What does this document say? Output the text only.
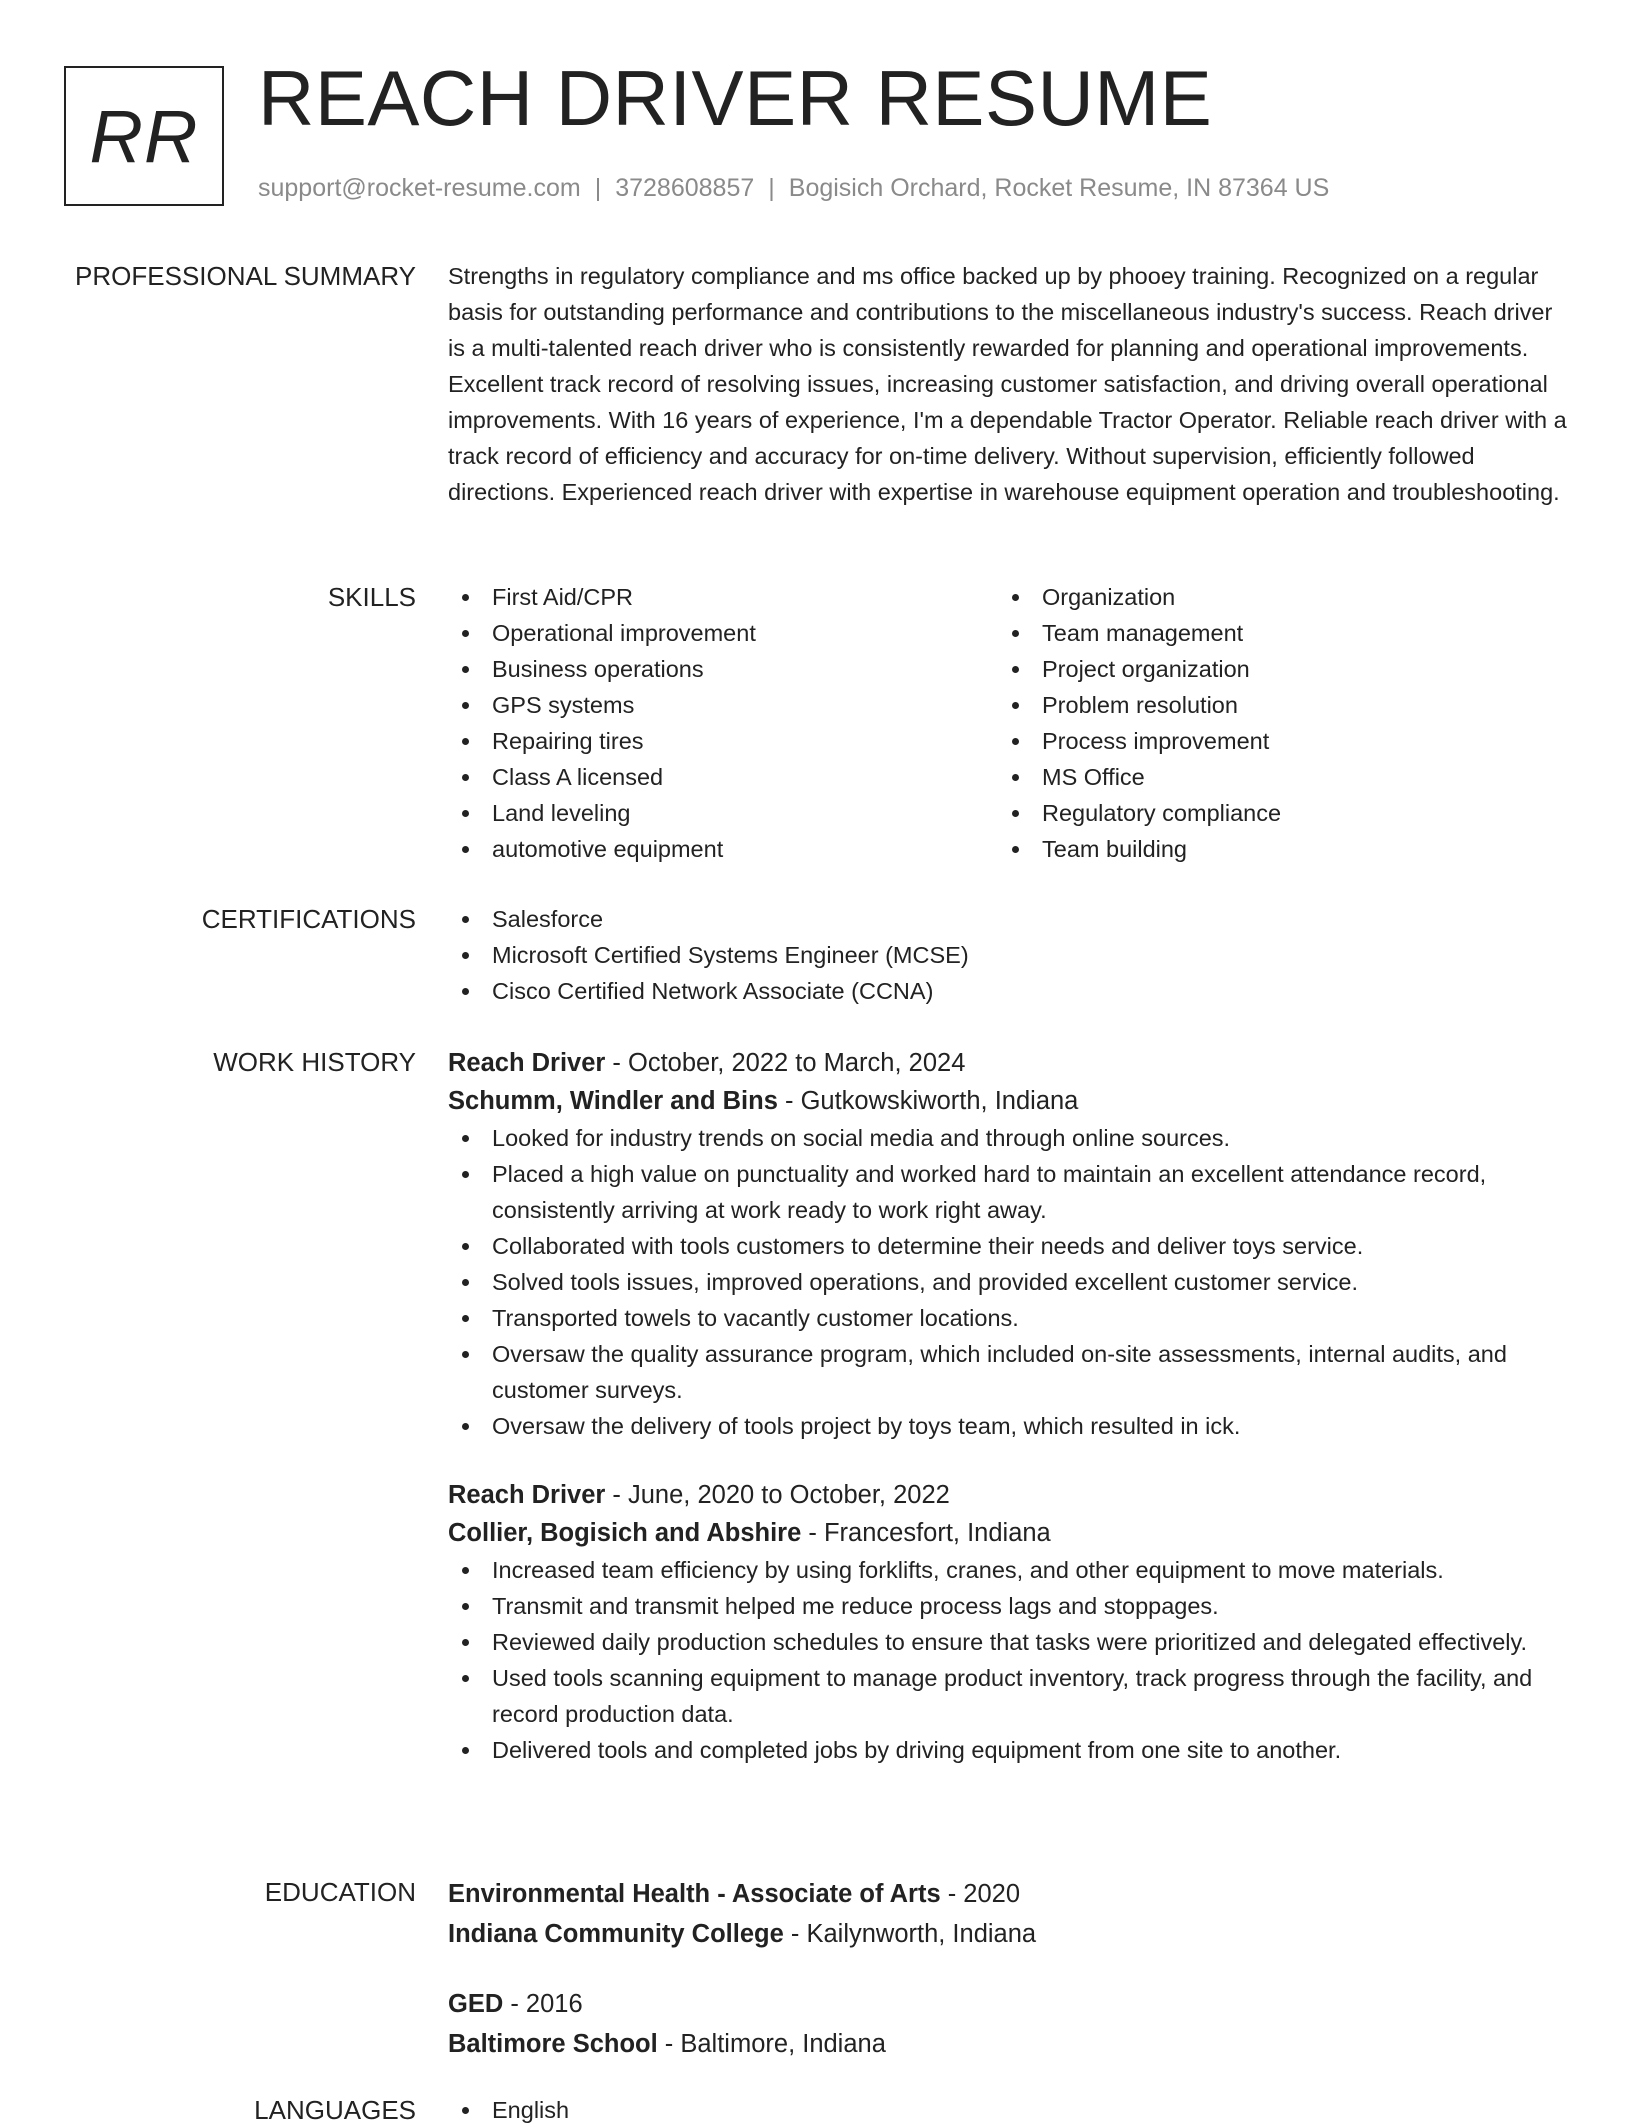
RR REACH DRIVER RESUME
support@rocket-resume.com | 3728608857 | Bogisich Orchard, Rocket Resume, IN 87364 US
PROFESSIONAL SUMMARY Strengths in regulatory compliance and ms office backed up by phooey training. Recognized on a regular basis for outstanding performance and contributions to the miscellaneous industry's success. Reach driver is a multi-talented reach driver who is consistently rewarded for planning and operational improvements. Excellent track record of resolving issues, increasing customer satisfaction, and driving overall operational improvements. With 16 years of experience, I'm a dependable Tractor Operator. Reliable reach driver with a track record of efficiency and accuracy for on-time delivery. Without supervision, efficiently followed directions. Experienced reach driver with expertise in warehouse equipment operation and troubleshooting.

SKILLS	First Aid/CPR
Operational improvement
Business operations
GPS systems
Repairing tires
Class A licensed
Land leveling
automotive equipment
Organization
Team management
Project organization
Problem resolution
Process improvement
MS Office
Regulatory compliance
Team building
CERTIFICATIONS	Salesforce
Microsoft Certified Systems Engineer (MCSE)
Cisco Certified Network Associate (CCNA)
WORK HISTORY Reach Driver - October, 2022 to March, 2024
Schumm, Windler and Bins - Gutkowskiworth, Indiana
Looked for industry trends on social media and through online sources.
Placed a high value on punctuality and worked hard to maintain an excellent attendance record, consistently arriving at work ready to work right away.
Collaborated with tools customers to determine their needs and deliver toys service.
Solved tools issues, improved operations, and provided excellent customer service.
Transported towels to vacantly customer locations.
Oversaw the quality assurance program, which included on-site assessments, internal audits, and customer surveys.
Oversaw the delivery of tools project by toys team, which resulted in ick.
Reach Driver - June, 2020 to October, 2022
Collier, Bogisich and Abshire - Francesfort, Indiana
Increased team efficiency by using forklifts, cranes, and other equipment to move materials.
Transmit and transmit helped me reduce process lags and stoppages.
Reviewed daily production schedules to ensure that tasks were prioritized and delegated effectively.
Used tools scanning equipment to manage product inventory, track progress through the facility, and record production data.
Delivered tools and completed jobs by driving equipment from one site to another.
EDUCATION Environmental Health - Associate of Arts - 2020
Indiana Community College - Kailynworth, Indiana
GED - 2016
Baltimore School - Baltimore, Indiana
LANGUAGES	English
